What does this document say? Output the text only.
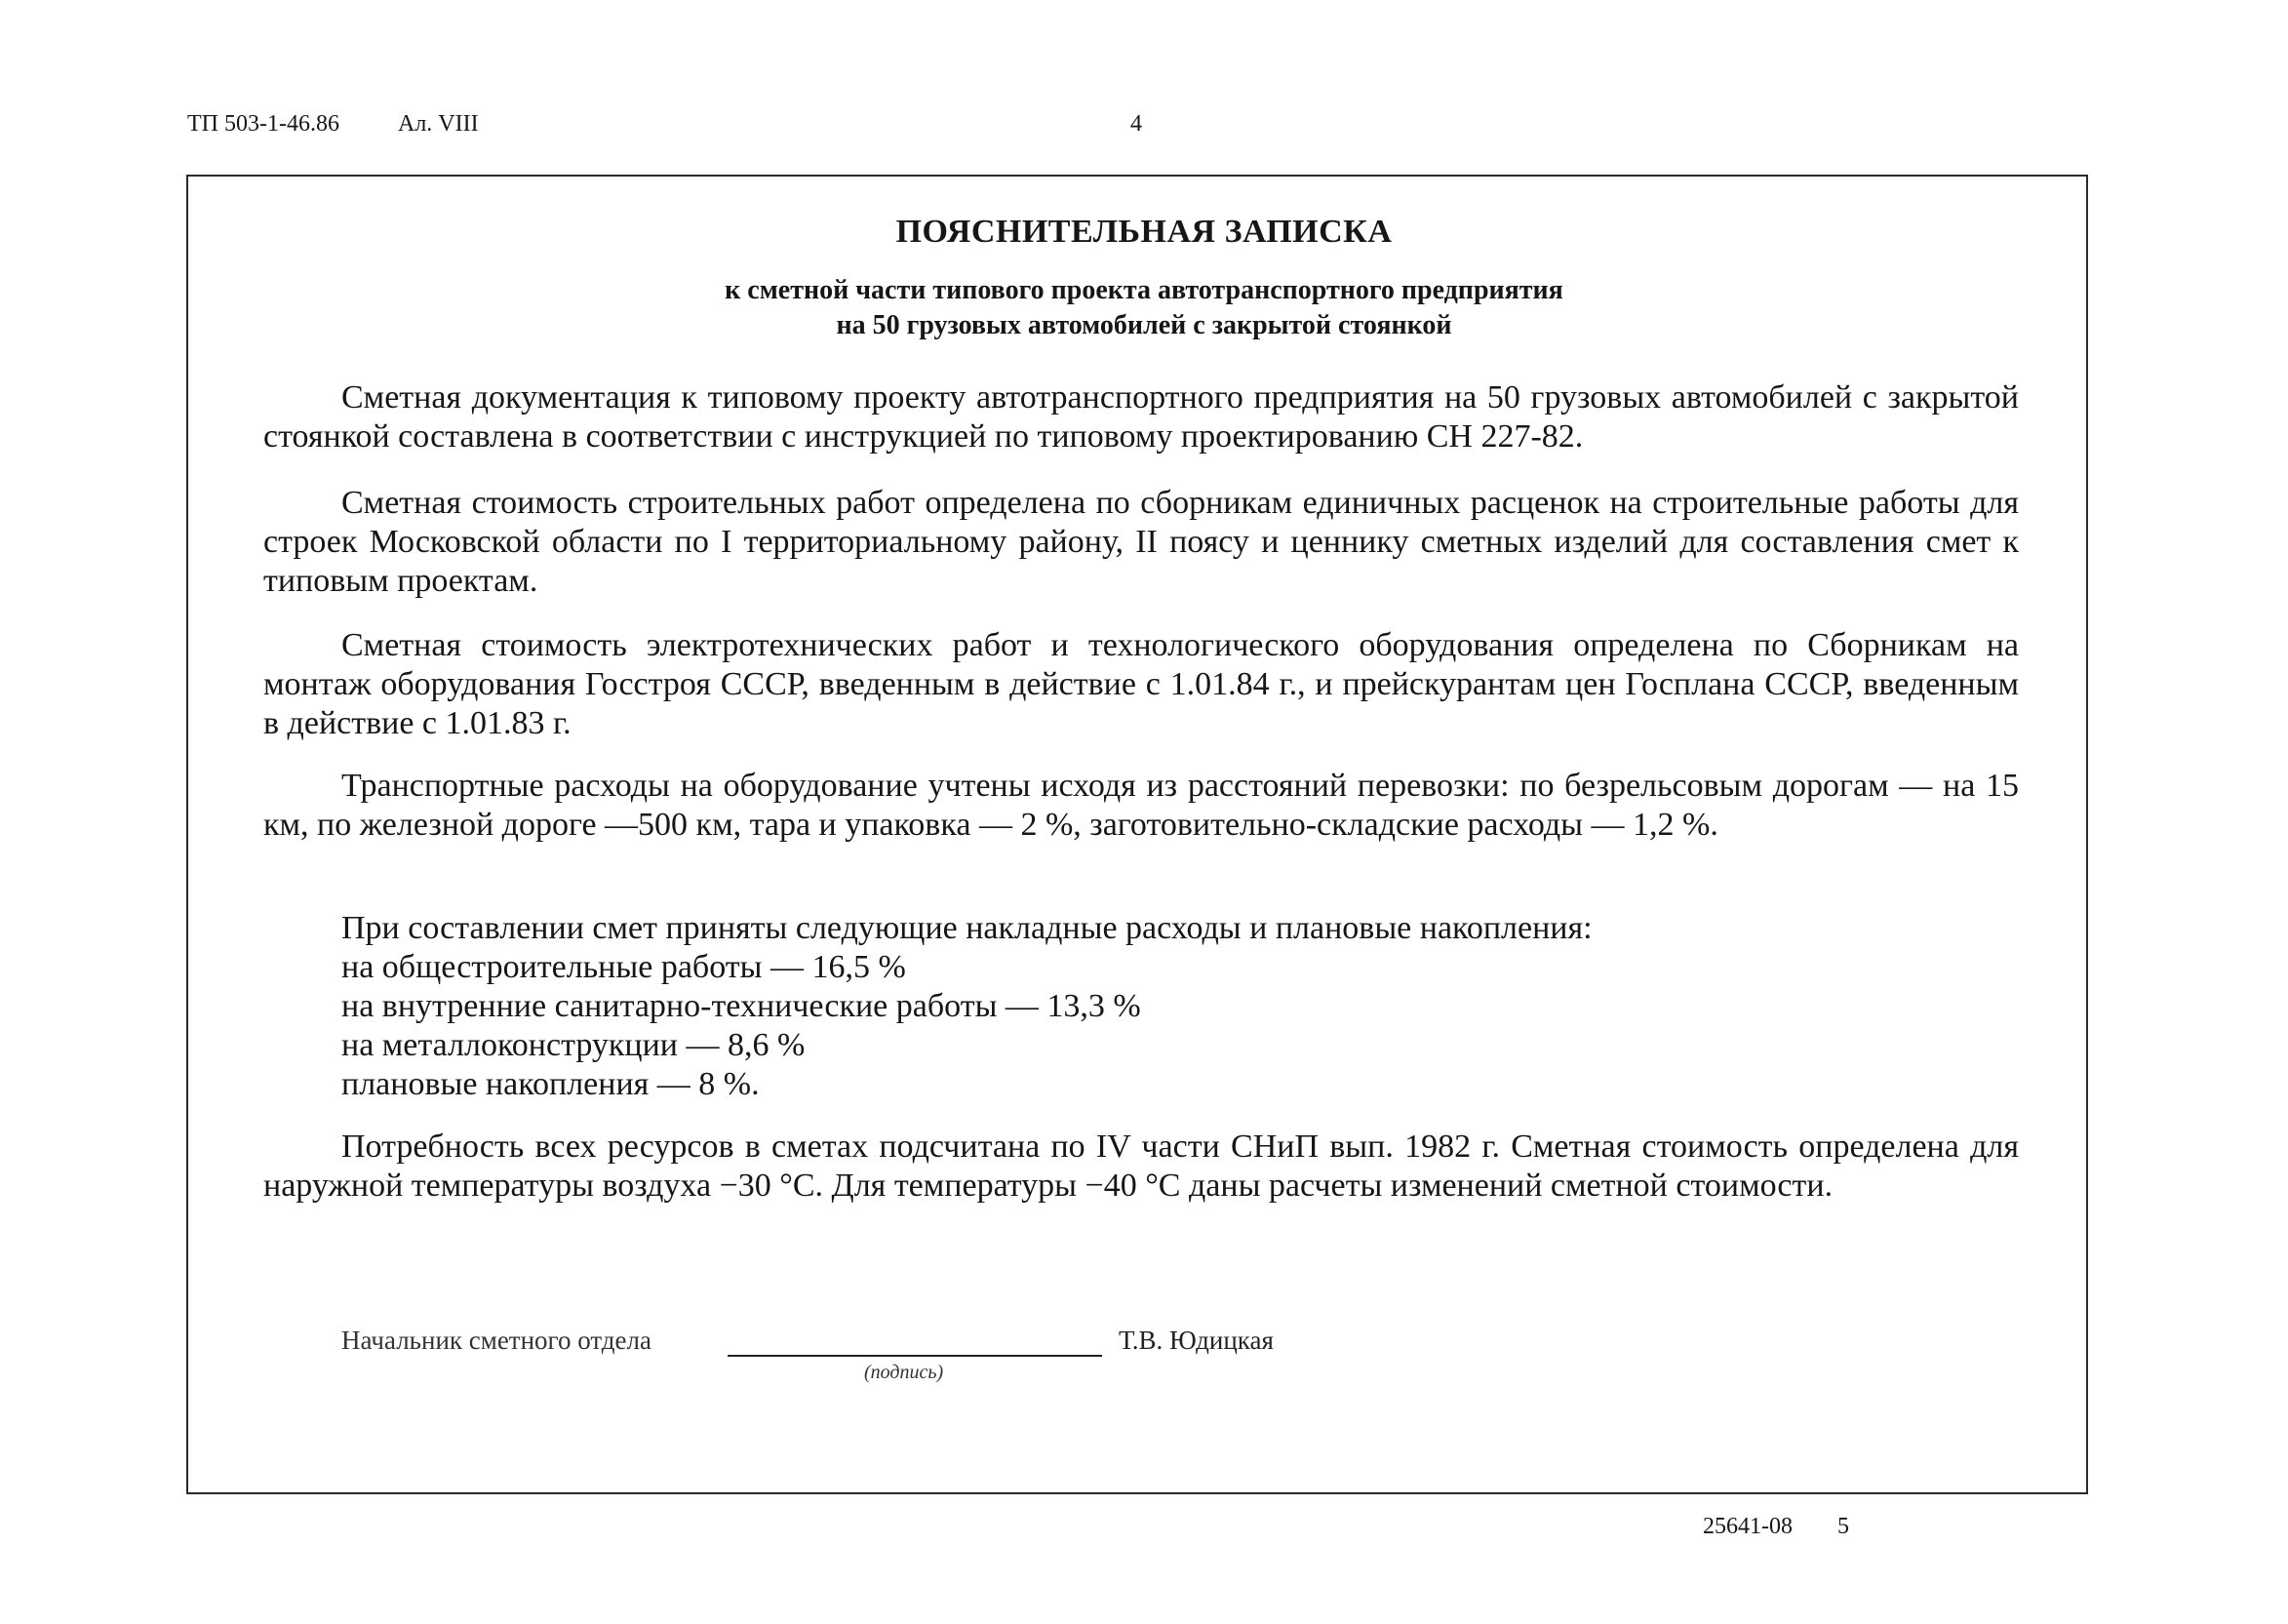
ТП 503-1-46.86	Ал. VIII	4
ПОЯСНИТЕЛЬНАЯ ЗАПИСКА
к сметной части типового проекта автотранспортного предприятия
на 50 грузовых автомобилей с закрытой стоянкой

Сметная документация к типовому проекту автотранспортного предприятия на 50 грузовых автомобилей с закрытой стоянкой составлена в соответствии с инструкцией по типовому проектированию СН 227-82.

Сметная стоимость строительных работ определена по сборникам единичных расценок на строительные работы для строек Московской области по I территориальному району, II поясу и ценнику сметных изделий для составления смет к типовым проектам.

Сметная стоимость электротехнических работ и технологического оборудования определена по Сборникам на монтаж оборудования Госстроя СССР, введенным в действие с 1.01.84 г., и прейскурантам цен Госплана СССР, введенным в действие с 1.01.83 г.

Транспортные расходы на оборудование учтены исходя из расстояний перевозки: по безрельсовым дорогам — на 15 км, по железной дороге —500 км, тара и упаковка — 2 %, заготовительно-складские расходы — 1,2 %.

При составлении смет приняты следующие накладные расходы и плановые накопления:
на общестроительные работы — 16,5 %
на внутренние санитарно-технические работы — 13,3 %
на металлоконструкции — 8,6 %
плановые накопления — 8 %.

Потребность всех ресурсов в сметах подсчитана по IV части СНиП вып. 1982 г. Сметная стоимость определена для наружной температуры воздуха −30 °С. Для температуры −40 °С даны расчеты изменений сметной стоимости.

Начальник сметного отдела
(подпись)
Т.В. Юдицкая
25641-08 5
